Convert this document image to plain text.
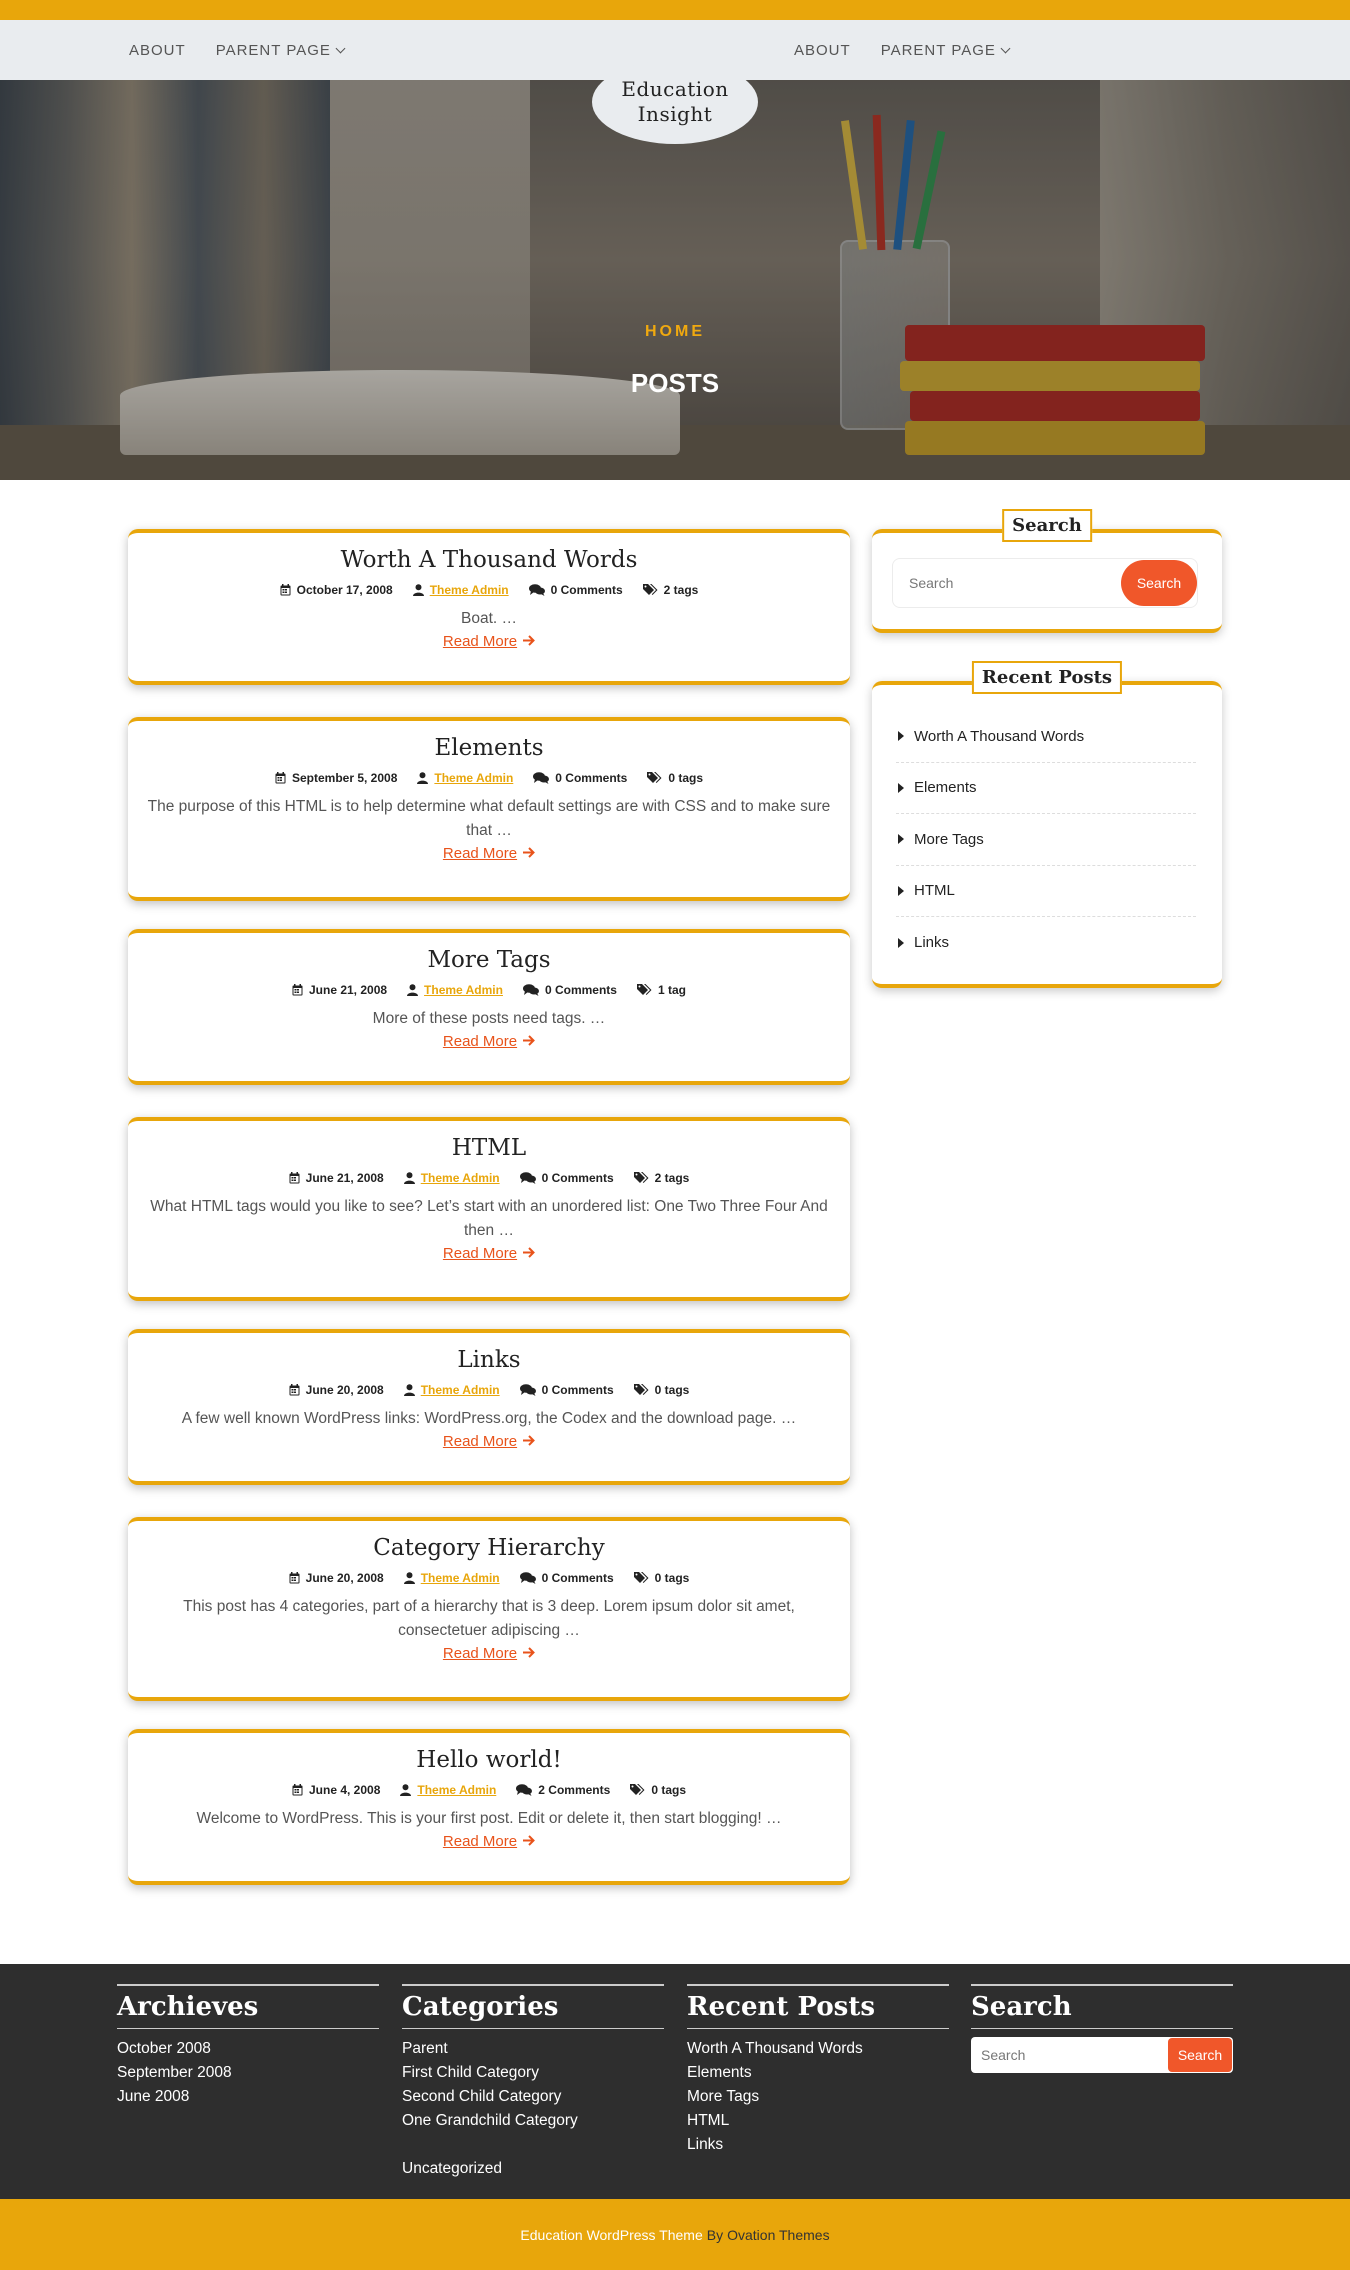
ABOUT PARENT PAGE	ABOUT PARENT PAGE
HOME
POSTS
Education
Insight
Worth A Thousand Words
October 17, 2008	Theme Admin	0 Comments	2 tags
Boat. …
Read More
Elements
September 5, 2008	Theme Admin	0 Comments	0 tags
The purpose of this HTML is to help determine what default settings are with CSS and to make sure that …
Read More
More Tags
June 21, 2008	Theme Admin	0 Comments	1 tag
More of these posts need tags. …
Read More
HTML
June 21, 2008	Theme Admin	0 Comments	2 tags
What HTML tags would you like to see? Let’s start with an unordered list: One Two Three Four And then …
Read More
Links
June 20, 2008	Theme Admin	0 Comments	0 tags
A few well known WordPress links: WordPress.org, the Codex and the download page. …
Read More
Category Hierarchy
June 20, 2008	Theme Admin	0 Comments	0 tags
This post has 4 categories, part of a hierarchy that is 3 deep. Lorem ipsum dolor sit amet, consectetuer adipiscing …
Read More
Hello world!
June 4, 2008	Theme Admin	2 Comments	0 tags
Welcome to WordPress. This is your first post. Edit or delete it, then start blogging! …
Read More
Search
Search	Search
Recent Posts
Worth A Thousand Words
Elements
More Tags
HTML
Links
Archieves
October 2008
September 2008
June 2008
Categories
Parent
First Child Category
Second Child Category
One Grandchild Category
Uncategorized
Recent Posts
Worth A Thousand Words
Elements
More Tags
HTML
Links
Search
Search	Search
Education WordPress Theme By Ovation Themes
